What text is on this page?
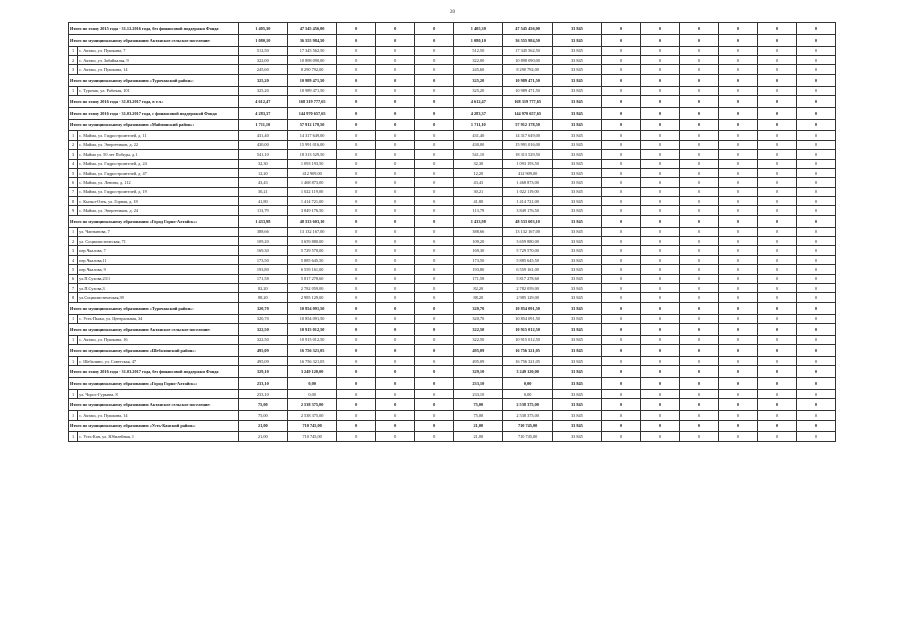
20
Итого по этапу 2015 года - 31.12.2016 года, без финансовой поддержки Фонда		1 405,30	47 545 456,00	0	0	0	1 405,30	47 545 456,00	33 845	0	0	0	0	0	0
Итого по муниципальному образованию Актанское сельское поселение:		1 080,10	36 555 984,50	0	0	0	1 080,10	36 555 984,50	33 845	0	0	0	0	0	0
1	с. Акташ, ул. Пушкина, 7	512,50	17 345 562,50	0	0	0	512,50	17 345 562,50	33 845	0	0	0	0	0	0
2	с. Акташ, ул. Забайкалья, 9	322,00	10 898 090,00	0	0	0	322,00	10 898 090,00	33 845	0	0	0	0	0	0
3	с. Акташ, ул. Пушкина, 14	245,60	8 290 792,00	0	0	0	245,60	8 290 792,00	33 845	0	0	0	0	0	0
Итого по муниципальному образованию «Турочакский район»:		325,20	10 989 471,50	0	0	0	325,20	10 989 471,50	33 845	0	0	0	0	0	0
1	с. Турочак, ул. Рабочая, 101	325,20	10 989 471,50	0	0	0	325,20	10 989 471,50	33 845	0	0	0	0	0	0
Итого по этапу 2016 года - 31.03.2017 года, в т.ч.:		4 612,47	168 319 777,65	0	0	0	4 612,47	168 319 777,65	33 845	0	0	0	0	0	0
Итого по этапу 2016 года - 31.03.2017 года, с финансовой поддержкой Фонда		4 283,37	144 970 657,65	0	0	0	4 283,37	144 970 657,65	33 845	0	0	0	0	0	0
Итого по муниципальному образованию «Майминский район»:		1 711,10	57 912 178,50	0	0	0	1 711,10	57 912 178,50	33 845	0	0	0	0	0	0
1	с. Майма, ул. Гидростроителей, д. 11	431,40	14 317 649,00	0	0	0	431,40	14 317 649,00	33 845	0	0	0	0	0	0
2	с. Майма, ул. Энергетиков, д. 22	430,00	15 991 016,00	0	0	0	430,00	15 991 016,00	33 845	0	0	0	0	0	0
3	с. Майма ул. 50 лет Победы, д.1	541,10	18 313 529,50	0	0	0	541,10	18 313 529,50	33 845	0	0	0	0	0	0
4	с. Майма, ул. Гидростроителей, д. 24	32,30	1 093 193,50	0	0	0	32,30	1 093 193,50	33 845	0	0	0	0	0	0
5	с. Майма, ул. Гидростроителей, д. 47	12,20	412 909,00	0	0	0	12,20	412 909,00	33 845	0	0	0	0	0	0
6	с. Майма, ул. Ленина, д. 112	43,43	1 468 873,00	0	0	0	43,43	1 468 873,00	33 845	0	0	0	0	0	0
7	с. Майма, ул. Гидростроителей, д. 19	30,21	1 022 119,00	0	0	0	30,21	1 022 119,00	33 845	0	0	0	0	0	0
8	с. Кызыл-Озек, ул. Горная, д. 18	41,80	1 414 721,00	0	0	0	41,80	1 414 721,00	33 845	0	0	0	0	0	0
9	с. Майма, ул. Энергетиков, д. 24	113,79	3 849 176,50	0	0	0	113,79	3 849 176,50	33 845	0	0	0	0	0	0
Итого по муниципальному образованию «Город Горно-Алтайск»:		1 433,98	48 533 603,10	0	0	0	1 433,98	48 533 603,10	33 845	0	0	0	0	0	0
1	ул. Чаптынова, 7	388,66	13 132 167,00	0	0	0	388,66	13 132 167,00	33 845	0	0	0	0	0	0
2	ул. Социалистическая, 71	109,20	3 659 880,00	0	0	0	109,20	3 659 880,00	33 845	0	0	0	0	0	0
3	пер.Чкалова, 7	169,30	5 729 570,00	0	0	0	169,30	5 729 570,00	33 845	0	0	0	0	0	0
4	пер.Чкалова,11	173,50	5 885 645,50	0	0	0	173,50	5 885 645,50	33 845	0	0	0	0	0	0
5	пер.Чкалова, 9	193,80	6 559 161,00	0	0	0	193,80	6 559 161,00	33 845	0	0	0	0	0	0
6	ул.П.Сухова,23/1	171,58	5 817 278,60	0	0	0	171,58	5 817 278,60	33 845	0	0	0	0	0	0
7	ул.П.Сухова,3	82,20	2 782 059,00	0	0	0	82,20	2 782 059,00	33 845	0	0	0	0	0	0
8	ул.Социалистическая,39	88,20	2 985 129,00	0	0	0	88,20	2 985 129,00	33 845	0	0	0	0	0	0
Итого по муниципальному образованию «Турочакский район»:		320,70	10 854 091,50	0	0	0	320,70	10 854 091,50	33 845	0	0	0	0	0	0
1	с. Усть-Пыжа, ул. Центральная, 34	320,70	10 854 091,50	0	0	0	320,70	10 854 091,50	33 845	0	0	0	0	0	0
Итого по муниципальному образованию Актанское сельское поселение:		322,50	10 915 012,50	0	0	0	322,50	10 915 012,50	33 845	0	0	0	0	0	0
1	с. Акташ, ул. Пушкина, 16	322,50	10 915 012,50	0	0	0	322,50	10 915 012,50	33 845	0	0	0	0	0	0
Итого по муниципальному образованию «Шебалинский район»:		495,09	16 756 321,05	0	0	0	495,09	16 756 321,05	33 845	0	0	0	0	0	0
1	с. Шебалино, ул. Советская, 47	495,09	16 756 321,05	0	0	0	495,09	16 756 321,05	33 845	0	0	0	0	0	0
Итого по этапу 2016 года - 31.03.2017 года, без финансовой поддержки Фонда		329,10	3 249 120,00	0	0	0	329,10	3 249 120,00	33 845	0	0	0	0	0	0
Итого по муниципальному образованию «Город Горно-Алтайск»:		233,10	0,00	0	0	0	233,10	0,00	33 845	0	0	0	0	0	0
1	ул. Чорос-Гуркина, 8	233,10	0,00	0	0	0	233,10	0,00	33 845	0	0	0	0	0	0
Итого по муниципальному образованию Актанское сельское поселение:		75,00	2 538 375,00	0	0	0	75,00	2 538 375,00	33 845	0	0	0	0	0	0
1	с. Акташ, ул. Пушкина, 14	75,00	2 538 375,00	0	0	0	75,00	2 538 375,00	33 845	0	0	0	0	0	0
Итого по муниципальному образованию «Усть-Канский район»:		21,00	710 745,00	0	0	0	21,00	710 745,00	33 845	0	0	0	0	0	0
1	с. Усть-Кан, ул. Юбилейная, 1	21,00	710 745,00	0	0	0	21,00	710 745,00	33 845	0	0	0	0	0	0
